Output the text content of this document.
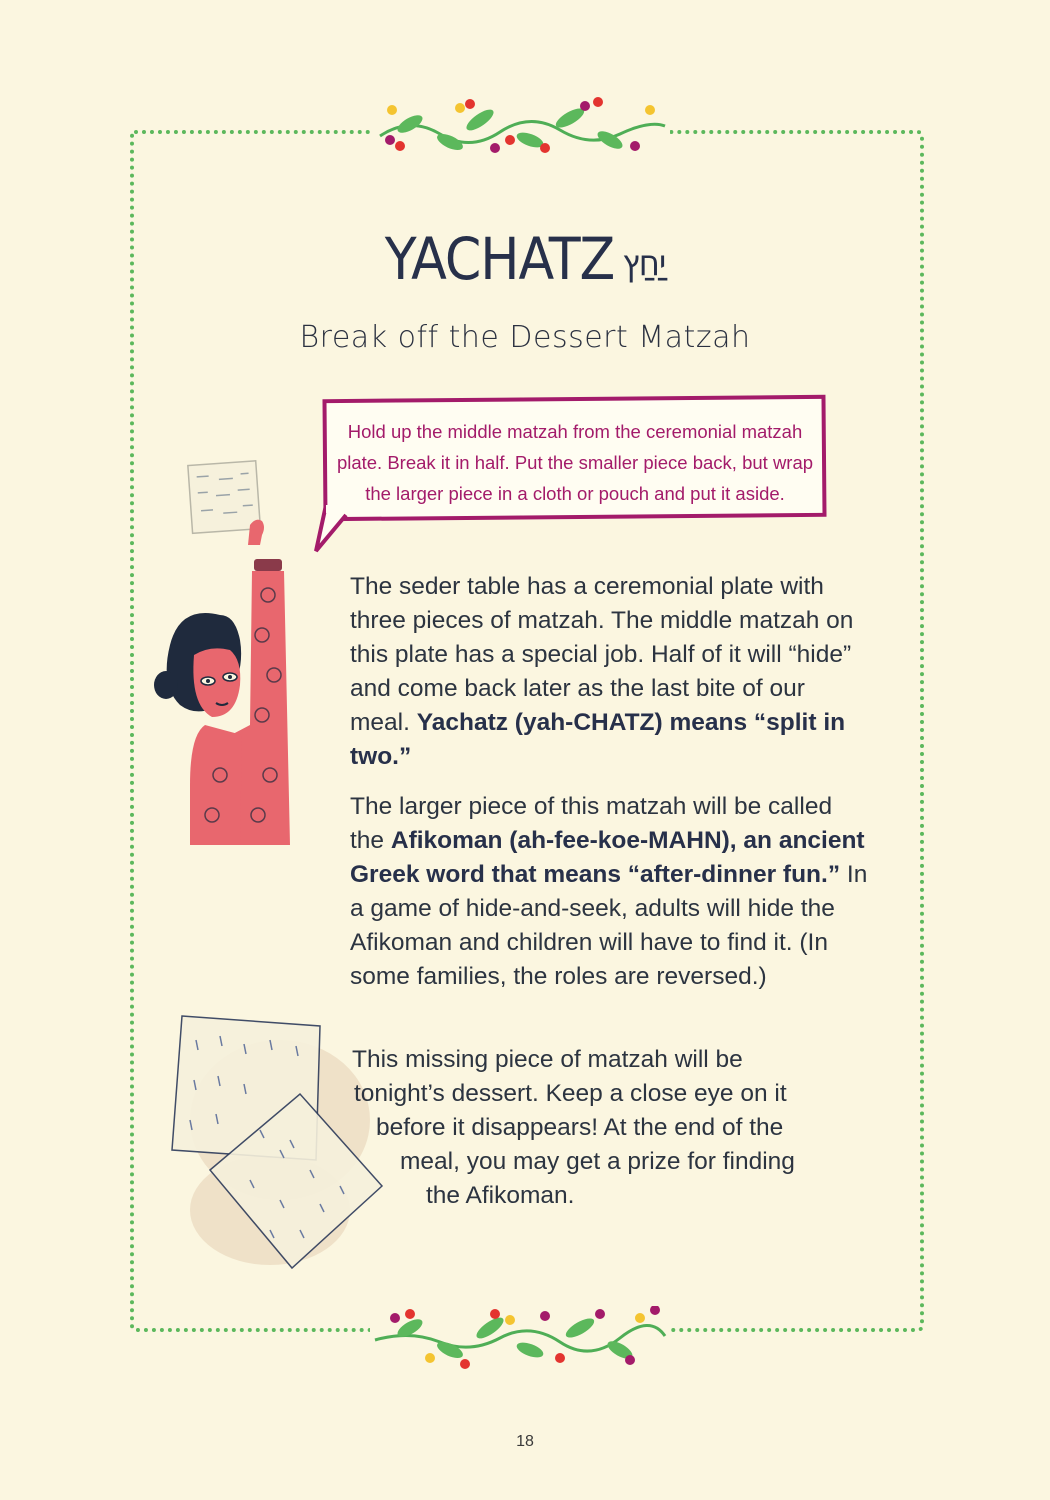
YACHATZ יַחַץ
Break off the Dessert Matzah
Hold up the middle matzah from the ceremonial matzah plate. Break it in half. Put the smaller piece back, but wrap the larger piece in a cloth or pouch and put it aside.
The seder table has a ceremonial plate with three pieces of matzah. The middle matzah on this plate has a special job. Half of it will “hide” and come back later as the last bite of our meal. Yachatz (yah-CHATZ) means “split in two.”
The larger piece of this matzah will be called the Afikoman (ah-fee-koe-MAHN), an ancient Greek word that means “after-dinner fun.” In a game of hide-and-seek, adults will hide the Afikoman and children will have to find it. (In some families, the roles are reversed.)
This missing piece of matzah will be
tonight’s dessert. Keep a close eye on it
before it disappears! At the end of the
meal, you may get a prize for finding
the Afikoman.
18
